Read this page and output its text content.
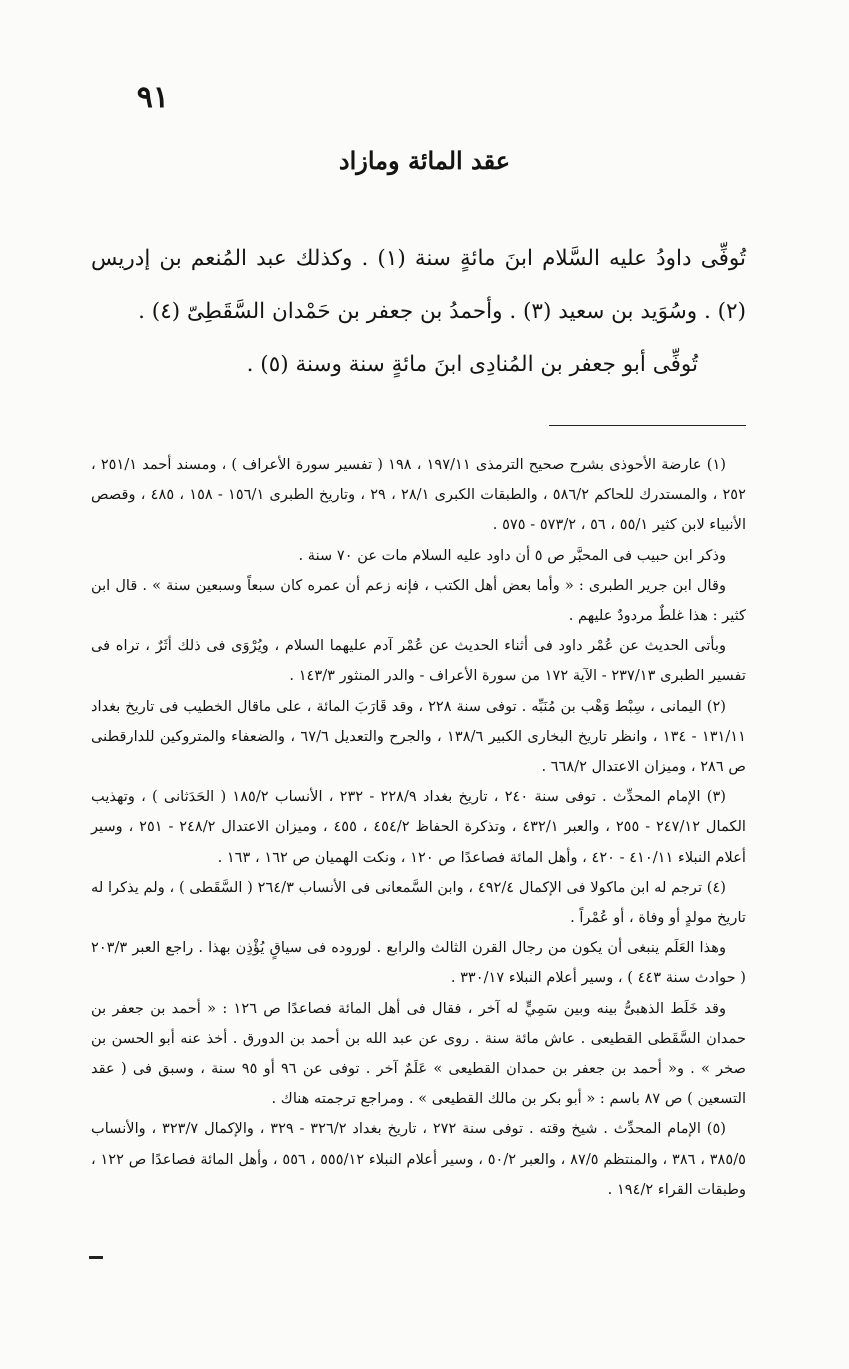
٩١
عقد المائة ومازاد

تُوفِّى داودُ عليه السَّلام ابنَ مائةٍ سنة (١) . وكذلك عبد المُنعم بن إدريس (٢) . وسُوَيد بن سعيد (٣) . وأحمدُ بن جعفر بن حَمْدان السَّقَطِىّ (٤) .

تُوفِّى أبو جعفر بن المُنادِى ابنَ مائةٍ سنة وسنة (٥) .

(١) عارضة الأحوذى بشرح صحيح الترمذى ١٩٧/١١ ، ١٩٨ ( تفسير سورة الأعراف ) ، ومسند أحمد ٢٥١/١ ، ٢٥٢ ، والمستدرك للحاكم ٥٨٦/٢ ، والطبقات الكبرى ٢٨/١ ، ٢٩ ، وتاريخ الطبرى ١٥٦/١ - ١٥٨ ، ٤٨٥ ، وقصص الأنبياء لابن كثير ٥٥/١ ، ٥٦ ، ٥٧٣/٢ - ٥٧٥ .

وذكر ابن حبيب فى المحبَّر ص ٥ أن داود عليه السلام مات عن ٧٠ سنة .

وقال ابن جرير الطبرى : « وأما بعض أهل الكتب ، فإنه زعم أن عمره كان سبعاً وسبعين سنة » . قال ابن كثير : هذا غلطٌ مردودٌ عليهم .

وبأتى الحديث عن عُمْر داود فى أثناء الحديث عن عُمْر آدم عليهما السلام ، ويُرْوَى فى ذلك أثَرٌ ، تراه فى تفسير الطبرى ٢٣٧/١٣ - الآية ١٧٢ من سورة الأعراف - والدر المنثور ١٤٣/٣ .

(٢) اليمانى ، سِبْط وَهْب بن مُنَبِّه . توفى سنة ٢٢٨ ، وقد قَارَبَ المائة ، على ماقال الخطيب فى تاريخ بغداد ١٣١/١١ - ١٣٤ ، وانظر تاريخ البخارى الكبير ١٣٨/٦ ، والجرح والتعديل ٦٧/٦ ، والضعفاء والمتروكين للدارقطنى ص ٢٨٦ ، وميزان الاعتدال ٦٦٨/٢ .

(٣) الإمام المحدِّث . توفى سنة ٢٤٠ ، تاريخ بغداد ٢٢٨/٩ - ٢٣٢ ، الأنساب ١٨٥/٢ ( الحَدَثانى ) ، وتهذيب الكمال ٢٤٧/١٢ - ٢٥٥ ، والعبر ٤٣٢/١ ، وتذكرة الحفاظ ٤٥٤/٢ ، ٤٥٥ ، وميزان الاعتدال ٢٤٨/٢ - ٢٥١ ، وسير أعلام النبلاء ٤١٠/١١ - ٤٢٠ ، وأهل المائة فصاعدًا ص ١٢٠ ، ونكت الهميان ص ١٦٢ ، ١٦٣ .

(٤) ترجم له ابن ماكولا فى الإكمال ٤٩٢/٤ ، وابن السَّمعانى فى الأنساب ٢٦٤/٣ ( السَّقَطى ) ، ولم يذكرا له تاريخ مولدٍ أو وفاة ، أو عُمْراً .

وهذا العَلَم ينبغى أن يكون من رجال القرن الثالث والرابع . لوروده فى سياقٍ يُؤْذِن بهذا . راجع العبر ٢٠٣/٣ ( حوادث سنة ٤٤٣ ) ، وسير أعلام النبلاء ٣٣٠/١٧ .

وقد خَلَط الذهبىُّ بينه وبين سَمِيٍّ له آخر ، فقال فى أهل المائة فصاعدًا ص ١٢٦ : « أحمد بن جعفر بن حمدان السَّقَطى القطيعى . عاش مائة سنة . روى عن عبد الله بن أحمد بن الدورق . أخذ عنه أبو الحسن بن صخر » . و« أحمد بن جعفر بن حمدان القطيعى » عَلَمٌ آخر . توفى عن ٩٦ أو ٩٥ سنة ، وسبق فى ( عقد التسعين ) ص ٨٧ باسم : « أبو بكر بن مالك القطيعى » . ومراجع ترجمته هناك .

(٥) الإمام المحدِّث . شيخ وقته . توفى سنة ٢٧٢ ، تاريخ بغداد ٣٢٦/٢ - ٣٢٩ ، والإكمال ٣٢٣/٧ ، والأنساب ٣٨٥/٥ ، ٣٨٦ ، والمنتظم ٨٧/٥ ، والعبر ٥٠/٢ ، وسير أعلام النبلاء ٥٥٥/١٢ ، ٥٥٦ ، وأهل المائة فصاعدًا ص ١٢٢ ، وطبقات القراء ١٩٤/٢ .
